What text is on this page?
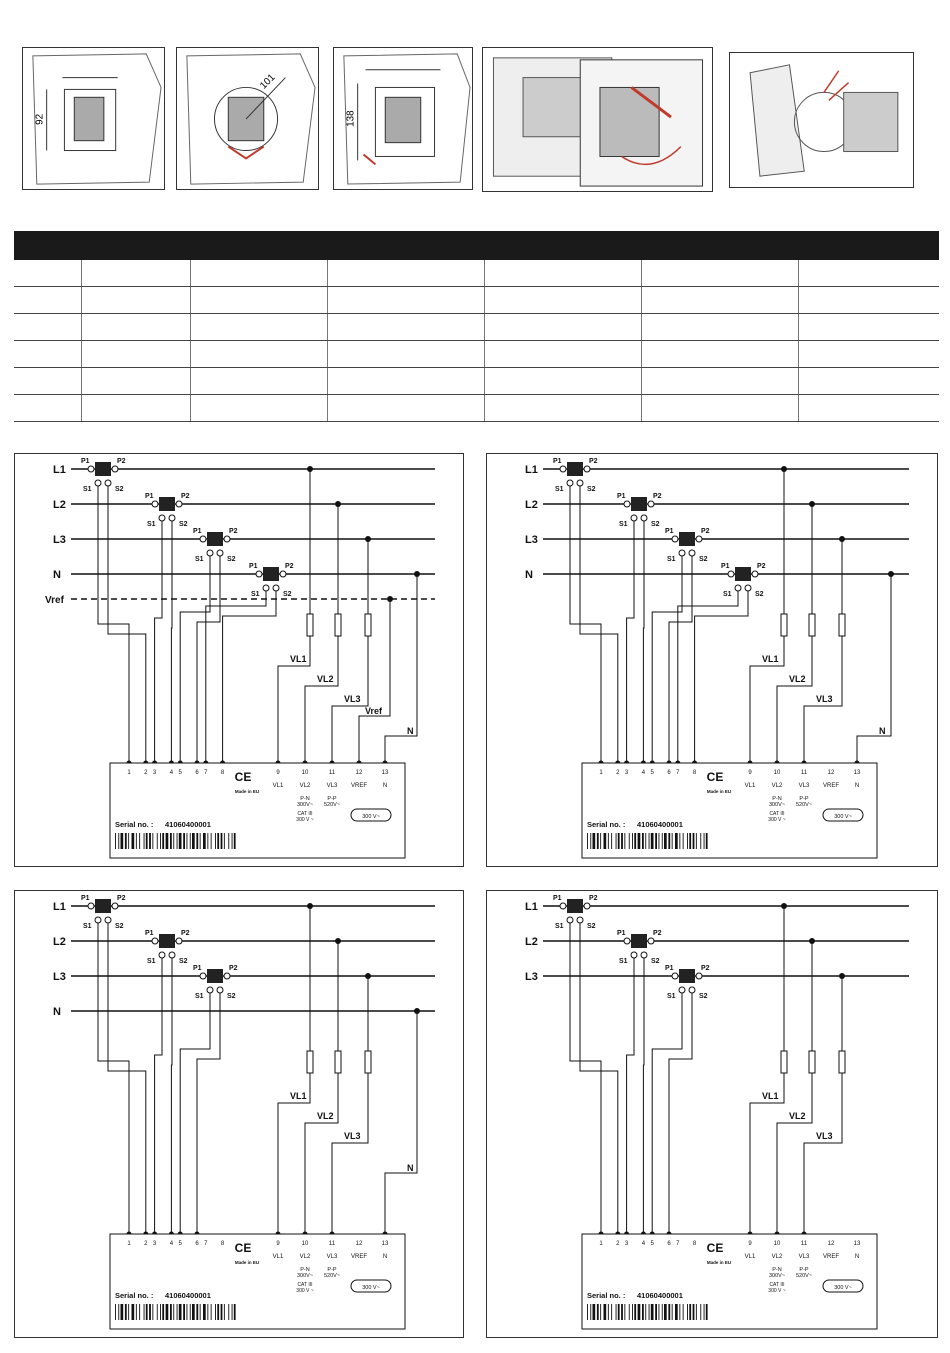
92
101
138

L1
L2
L3
N
Vref
P1	P2
S1	S2
P1	P2
S1	S2
P1	P2
S1	S2
P1	P2
S1	S2
VL1
VL2
VL3
Vref
N
1 2 3 4 5 6 7 8	9	10	11	12	13
VL1	VL2	VL3 VREF	N
CE
Made in EU
P-N
300V~
P-P
520V~
CAT III
300 V ~	300 V~
Serial no. : 41060400001
L1
L2
L3
N
P1	P2
S1	S2
P1	P2
S1	S2
P1	P2
S1	S2
P1	P2
S1	S2
VL1
VL2
VL3
N
1 2 3 4 5 6 7 8	9	10	11	12	13
VL1	VL2	VL3 VREF	N
CE
Made in EU
P-N
300V~
P-P
520V~
CAT III
300 V ~	300 V~
Serial no. : 41060400001
L1
L2
L3
N
P1	P2
S1	S2
P1	P2
S1	S2
P1	P2
S1	S2
VL1
VL2
VL3
N
1 2 3 4 5 6 7 8	9	10	11	12	13
VL1	VL2	VL3 VREF	N
CE
Made in EU
P-N
300V~
P-P
520V~
CAT III
300 V ~	300 V~
Serial no. : 41060400001
L1
L2
L3
P1	P2
S1	S2
P1	P2
S1	S2
P1	P2
S1	S2
VL1
VL2
VL3
1 2 3 4 5 6 7 8	9	10	11	12	13
VL1	VL2	VL3 VREF	N
CE
Made in EU
P-N
300V~
P-P
520V~
CAT III
300 V ~	300 V~
Serial no. : 41060400001
